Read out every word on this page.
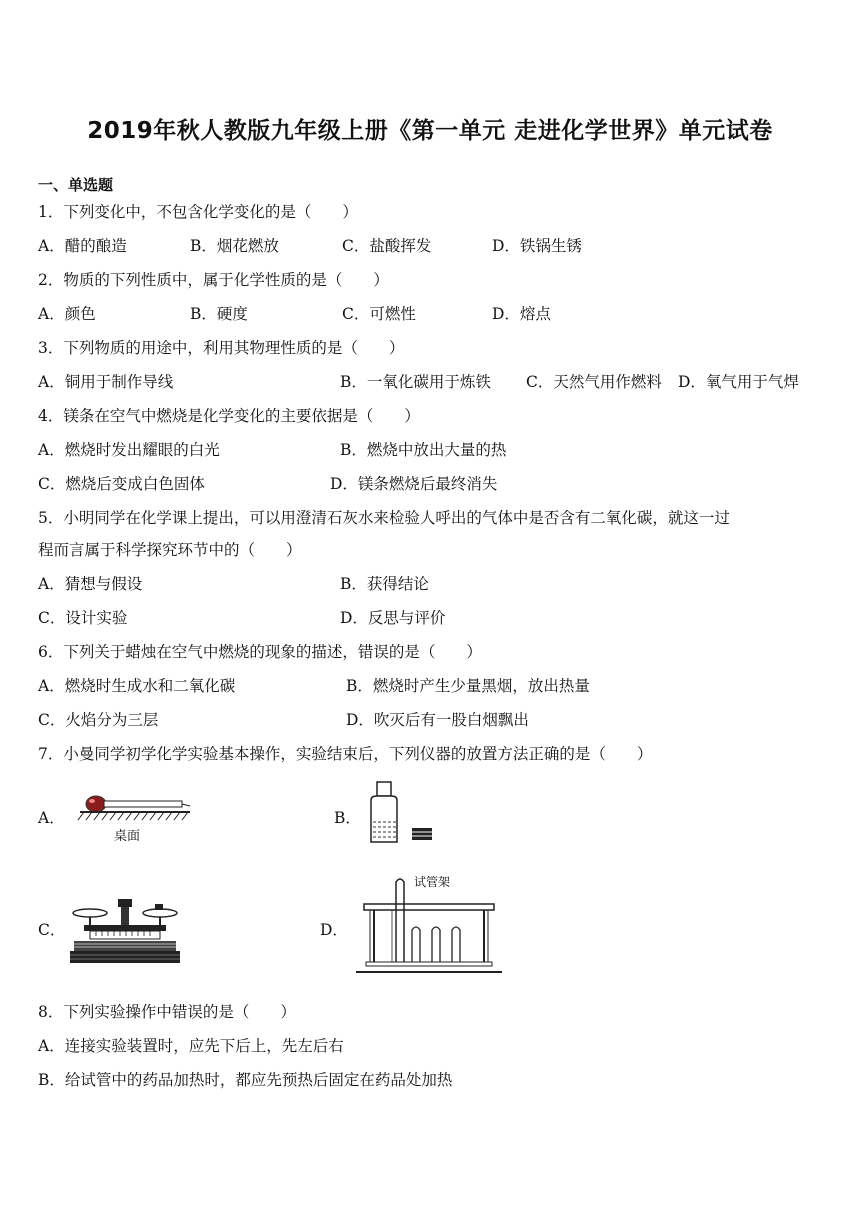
2019年秋人教版九年级上册《第一单元 走进化学世界》单元试卷
一、单选题
1．下列变化中，不包含化学变化的是（　　）
A．醋的酿造	B．烟花燃放	C．盐酸挥发	D．铁锅生锈
2．物质的下列性质中，属于化学性质的是（　　）
A．颜色	B．硬度	C．可燃性	D．熔点
3．下列物质的用途中，利用其物理性质的是（　　）
A．铜用于制作导线	B．一氧化碳用于炼铁 C．天然气用作燃料 D．氧气用于气焊
4．镁条在空气中燃烧是化学变化的主要依据是（　　）
A．燃烧时发出耀眼的白光	B．燃烧中放出大量的热
C．燃烧后变成白色固体	D．镁条燃烧后最终消失
5．小明同学在化学课上提出，可以用澄清石灰水来检验人呼出的气体中是否含有二氧化碳，就这一过
程而言属于科学探究环节中的（　　）
A．猜想与假设	B．获得结论
C．设计实验	D．反思与评价
6．下列关于蜡烛在空气中燃烧的现象的描述，错误的是（　　）
A．燃烧时生成水和二氧化碳	B．燃烧时产生少量黑烟，放出热量
C．火焰分为三层	D．吹灭后有一股白烟飘出
7．小曼同学初学化学实验基本操作，实验结束后，下列仪器的放置方法正确的是（　　）
A．
桌面
B．
C．	D．
试管架
8．下列实验操作中错误的是（　　）
A．连接实验装置时，应先下后上，先左后右
B．给试管中的药品加热时，都应先预热后固定在药品处加热
